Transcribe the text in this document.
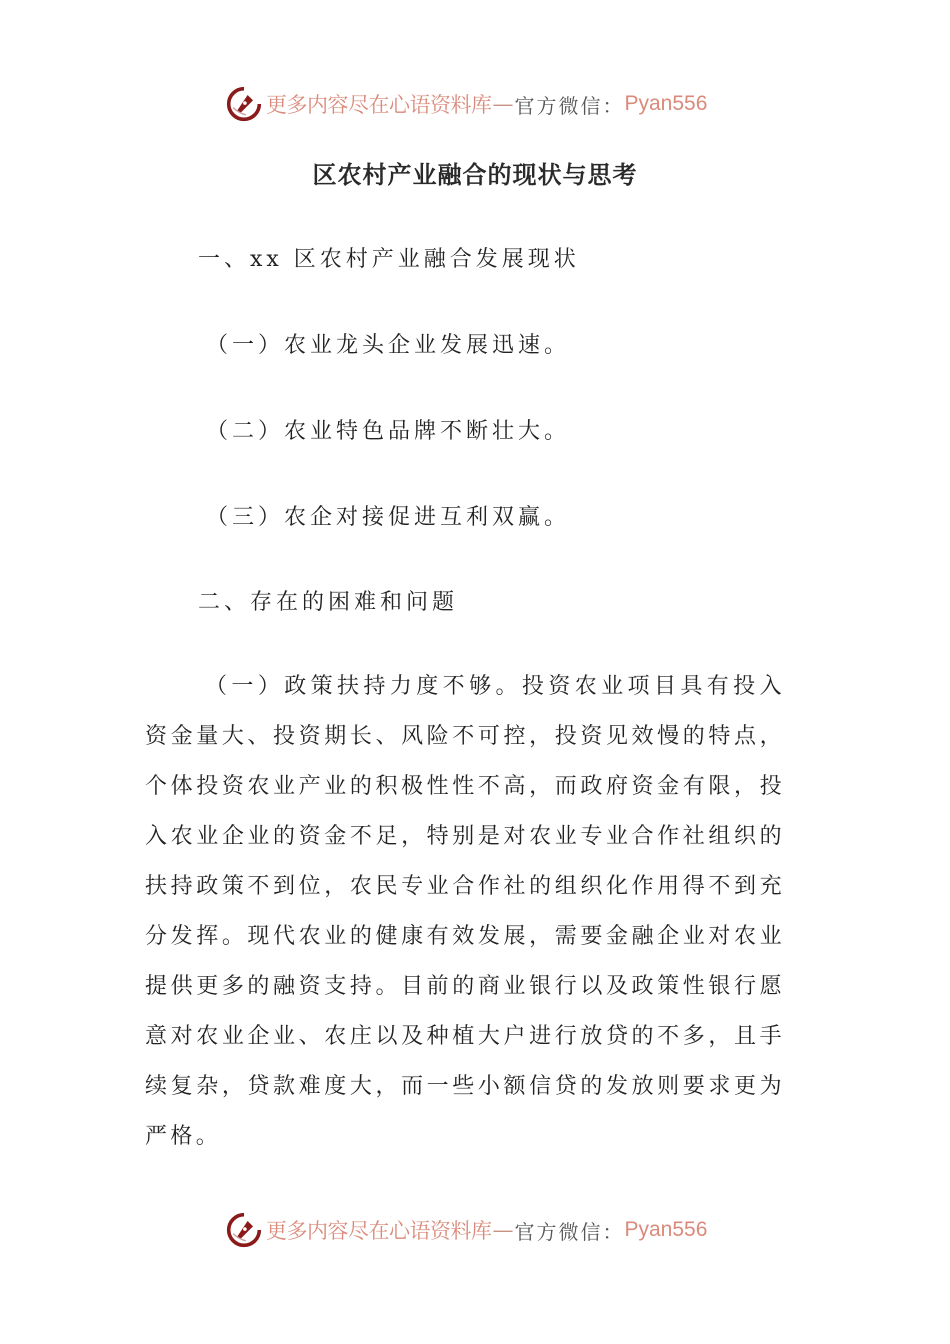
更多内容尽在心语资料库 — 官方微信： Pyan556
区农村产业融合的现状与思考
一、xx 区农村产业融合发展现状
（一）农业龙头企业发展迅速。
（二）农业特色品牌不断壮大。
（三）农企对接促进互利双赢。
二、存在的困难和问题
（一）政策扶持力度不够。投资农业项目具有投入资金量大、投资期长、风险不可控，投资见效慢的特点，个体投资农业产业的积极性性不高，而政府资金有限，投入农业企业的资金不足，特别是对农业专业合作社组织的扶持政策不到位，农民专业合作社的组织化作用得不到充分发挥。现代农业的健康有效发展，需要金融企业对农业提供更多的融资支持。目前的商业银行以及政策性银行愿意对农业企业、农庄以及种植大户进行放贷的不多，且手续复杂，贷款难度大，而一些小额信贷的发放则要求更为严格。
更多内容尽在心语资料库 — 官方微信： Pyan556
